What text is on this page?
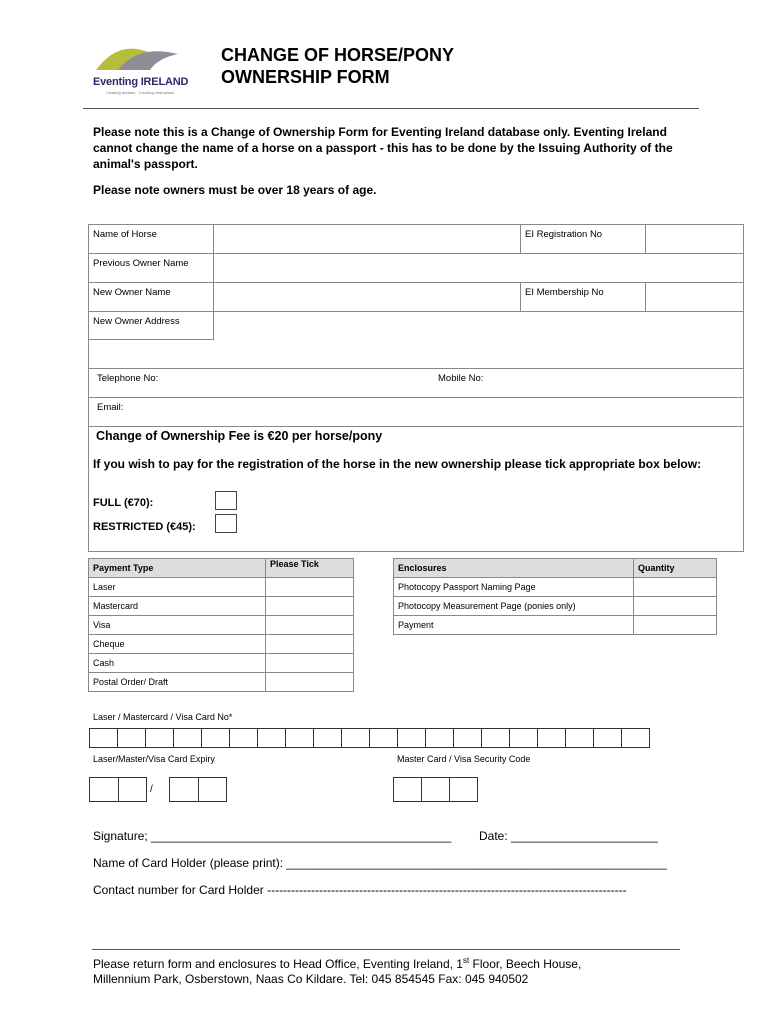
Eventing IRELAND
Chasing dreams · Creating champions
CHANGE OF HORSE/PONY
OWNERSHIP FORM
Please note this is a Change of Ownership Form for Eventing Ireland database only. Eventing Ireland cannot change the name of a horse on a passport - this has to be done by the Issuing Authority of the animal's passport.
Please note owners must be over 18 years of age.
Name of Horse	EI Registration No
Previous Owner Name
New Owner Name	EI Membership No
New Owner Address
Telephone No:	Mobile No:
Email:
Change of Ownership Fee is €20 per horse/pony
If you wish to pay for the registration of the horse in the new ownership please tick appropriate box below:
FULL (€70):
RESTRICTED (€45):
Payment Type	Please Tick
Laser	
Mastercard	
Visa	
Cheque	
Cash	
Postal Order/ Draft	
Enclosures	Quantity
Photocopy Passport Naming Page	
Photocopy Measurement Page (ponies only)	
Payment	
Laser / Mastercard / Visa Card No*
Laser/Master/Visa Card Expiry	Master Card / Visa Security Code
/
Signature; _____________________________________________ Date: ______________________
Name of Card Holder (please print): _________________________________________________________
Contact number for Card Holder ------------------------------------------------------------------------------------------
Please return form and enclosures to Head Office, Eventing Ireland, 1st Floor, Beech House,
Millennium Park, Osberstown, Naas Co Kildare. Tel: 045 854545 Fax: 045 940502
